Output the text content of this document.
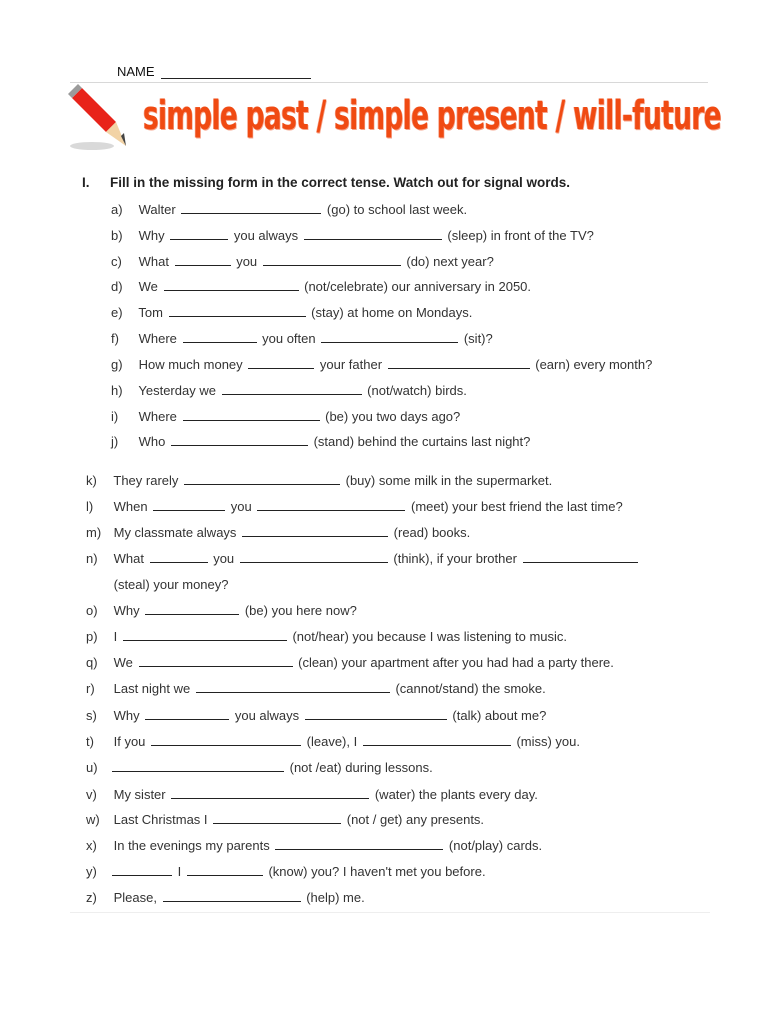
NAME
simple past / simple present / will-future
I. Fill in the missing form in the correct tense. Watch out for signal words.
a) Walter	(go) to school last week.
b) Why	you always	(sleep) in front of the TV?
c) What	you	(do) next year?
d) We	(not/celebrate) our anniversary in 2050.
e) Tom	(stay) at home on Mondays.
f) Where	you often	(sit)?
g) How much money	your father	(earn) every month?
h) Yesterday we	(not/watch) birds.
i) Where	(be) you two days ago?
j) Who	(stand) behind the curtains last night?
k) They rarely	(buy) some milk in the supermarket.
l) When	you	(meet) your best friend the last time?
m) My classmate always	(read) books.
n) What	you	(think), if your brother
(steal) your money?
o) Why	(be) you here now?
p) I	(not/hear) you because I was listening to music.
q) We	(clean) your apartment after you had had a party there.
r) Last night we	(cannot/stand) the smoke.
s) Why	you always	(talk) about me?
t) If you	(leave), I	(miss) you.
u)	(not /eat) during lessons.
v) My sister	(water) the plants every day.
w) Last Christmas I	(not / get) any presents.
x) In the evenings my parents	(not/play) cards.
y)	I	(know) you? I haven't met you before.
z) Please,	(help) me.
